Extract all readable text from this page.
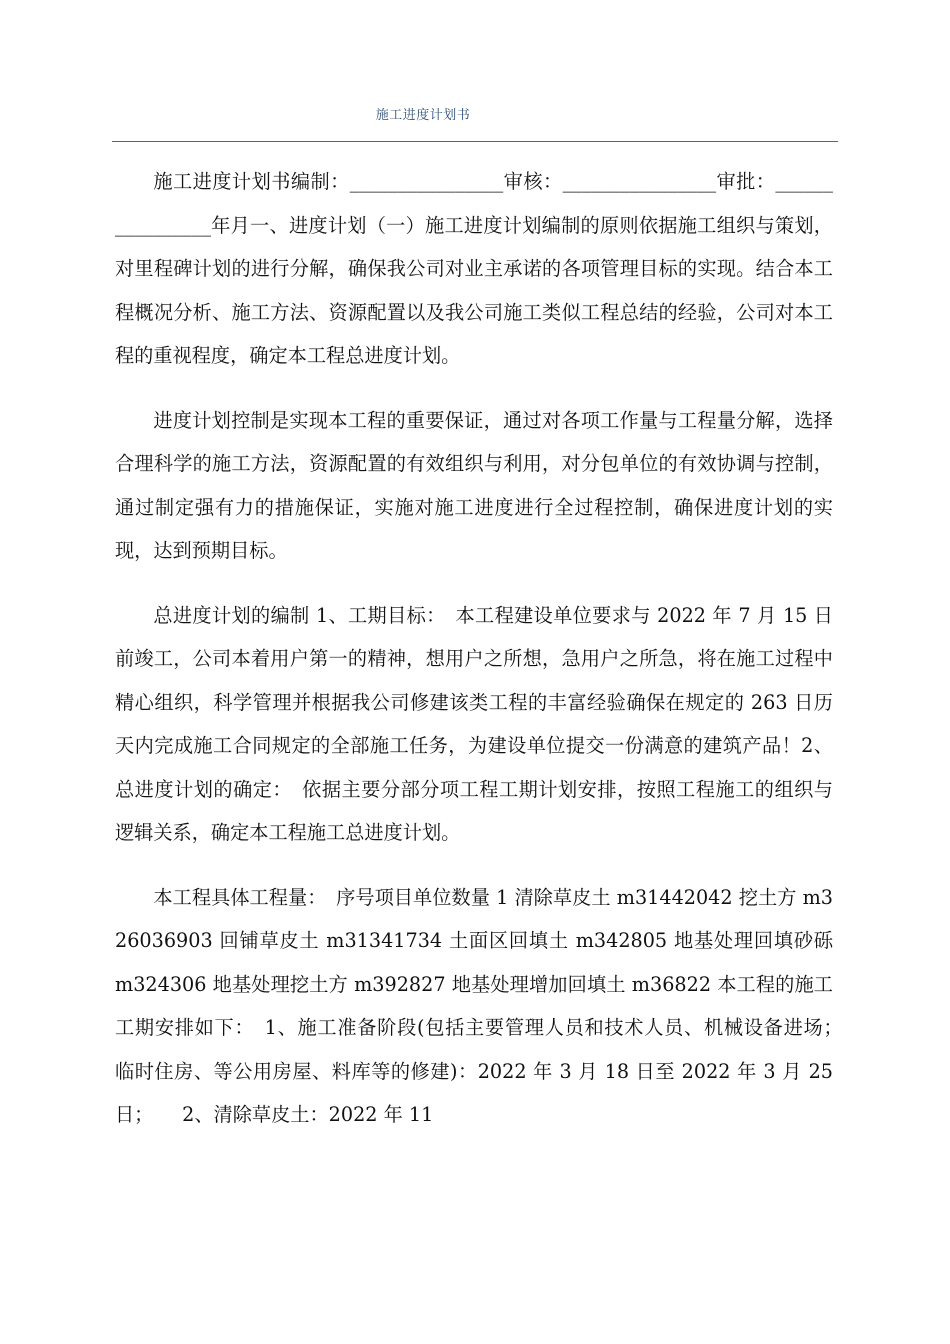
施工进度计划书

施工进度计划书编制：________________审核：________________审批：________________年月一、进度计划（一）施工进度计划编制的原则依据施工组织与策划，对里程碑计划的进行分解，确保我公司对业主承诺的各项管理目标的实现。结合本工程概况分析、施工方法、资源配置以及我公司施工类似工程总结的经验，公司对本工程的重视程度，确定本工程总进度计划。

进度计划控制是实现本工程的重要保证，通过对各项工作量与工程量分解，选择合理科学的施工方法，资源配置的有效组织与利用，对分包单位的有效协调与控制，通过制定强有力的措施保证，实施对施工进度进行全过程控制，确保进度计划的实现，达到预期目标。

总进度计划的编制 1、工期目标：　本工程建设单位要求与 2022 年 7 月 15 日前竣工，公司本着用户第一的精神，想用户之所想，急用户之所急，将在施工过程中精心组织，科学管理并根据我公司修建该类工程的丰富经验确保在规定的 263 日历天内完成施工合同规定的全部施工任务，为建设单位提交一份满意的建筑产品！2、总进度计划的确定：　依据主要分部分项工程工期计划安排，按照工程施工的组织与逻辑关系，确定本工程施工总进度计划。

本工程具体工程量：　序号项目单位数量 1 清除草皮土 m31442042 挖土方 m326036903 回铺草皮土 m31341734 土面区回填土 m342805 地基处理回填砂砾 m324306 地基处理挖土方 m392827 地基处理增加回填土 m36822 本工程的施工工期安排如下：　1、施工准备阶段(包括主要管理人员和技术人员、机械设备进场；　临时住房、等公用房屋、料库等的修建)：2022 年 3 月 18 日至 2022 年 3 月 25 日；　　2、清除草皮土：2022 年 11
